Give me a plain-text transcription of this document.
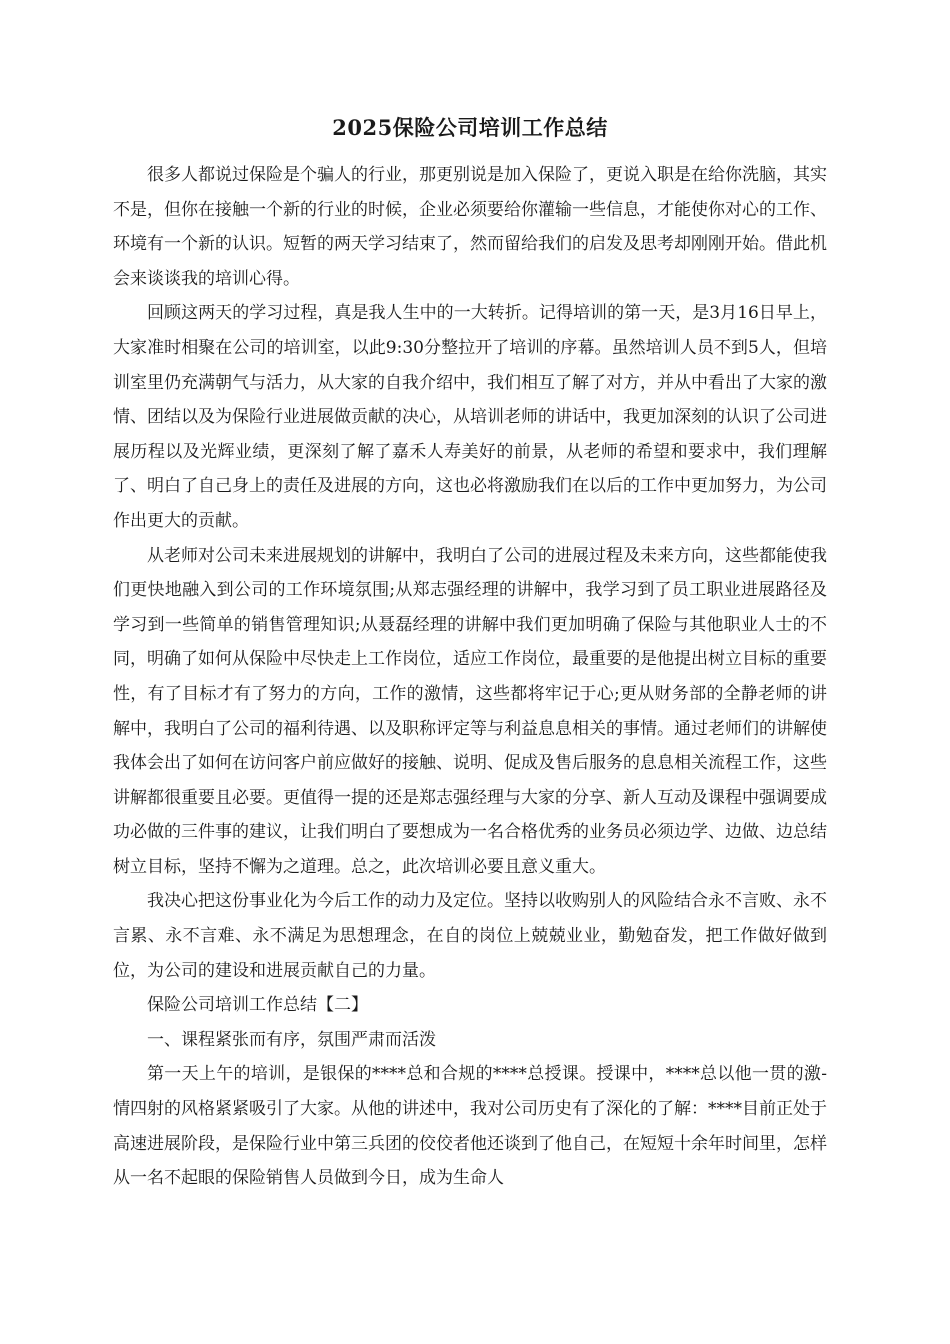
2025保险公司培训工作总结

很多人都说过保险是个骗人的行业，那更别说是加入保险了，更说入职是在给你洗脑，其实不是，但你在接触一个新的行业的时候，企业必须要给你灌输一些信息，才能使你对心的工作、环境有一个新的认识。短暂的两天学习结束了，然而留给我们的启发及思考却刚刚开始。借此机会来谈谈我的培训心得。

回顾这两天的学习过程，真是我人生中的一大转折。记得培训的第一天，是3月16日早上，大家准时相聚在公司的培训室，以此9:30分整拉开了培训的序幕。虽然培训人员不到5人，但培训室里仍充满朝气与活力，从大家的自我介绍中，我们相互了解了对方，并从中看出了大家的激情、团结以及为保险行业进展做贡献的决心，从培训老师的讲话中，我更加深刻的认识了公司进展历程以及光辉业绩，更深刻了解了嘉禾人寿美好的前景，从老师的希望和要求中，我们理解了、明白了自己身上的责任及进展的方向，这也必将激励我们在以后的工作中更加努力，为公司作出更大的贡献。

从老师对公司未来进展规划的讲解中，我明白了公司的进展过程及未来方向，这些都能使我们更快地融入到公司的工作环境氛围;从郑志强经理的讲解中，我学习到了员工职业进展路径及学习到一些简单的销售管理知识;从聂磊经理的讲解中我们更加明确了保险与其他职业人士的不同，明确了如何从保险中尽快走上工作岗位，适应工作岗位，最重要的是他提出树立目标的重要性，有了目标才有了努力的方向，工作的激情，这些都将牢记于心;更从财务部的全静老师的讲解中，我明白了公司的福利待遇、以及职称评定等与利益息息相关的事情。通过老师们的讲解使我体会出了如何在访问客户前应做好的接触、说明、促成及售后服务的息息相关流程工作，这些讲解都很重要且必要。更值得一提的还是郑志强经理与大家的分享、新人互动及课程中强调要成功必做的三件事的建议，让我们明白了要想成为一名合格优秀的业务员必须边学、边做、边总结树立目标，坚持不懈为之道理。总之，此次培训必要且意义重大。

我决心把这份事业化为今后工作的动力及定位。坚持以收购别人的风险结合永不言败、永不言累、永不言难、永不满足为思想理念，在自的岗位上兢兢业业，勤勉奋发，把工作做好做到位，为公司的建设和进展贡献自己的力量。

保险公司培训工作总结【二】

一、课程紧张而有序，氛围严肃而活泼

第一天上午的培训，是银保的****总和合规的****总授课。授课中，****总以他一贯的激-情四射的风格紧紧吸引了大家。从他的讲述中，我对公司历史有了深化的了解：****目前正处于高速进展阶段，是保险行业中第三兵团的佼佼者他还谈到了他自己，在短短十余年时间里，怎样从一名不起眼的保险销售人员做到今日，成为生命人
